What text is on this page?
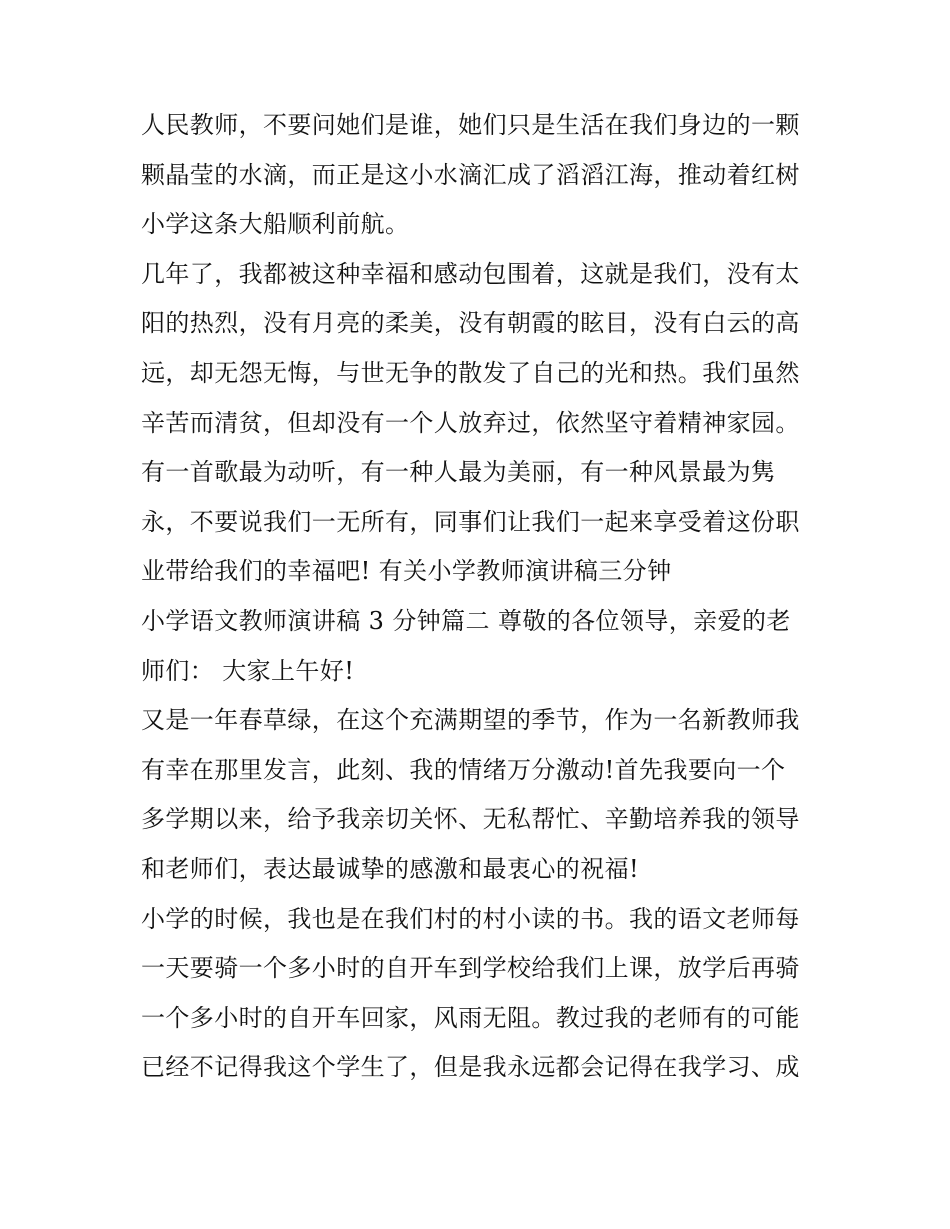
人民教师，不要问她们是谁，她们只是生活在我们身边的一颗
颗晶莹的水滴，而正是这小水滴汇成了滔滔江海，推动着红树
小学这条大船顺利前航。
几年了，我都被这种幸福和感动包围着，这就是我们，没有太
阳的热烈，没有月亮的柔美，没有朝霞的眩目，没有白云的高
远，却无怨无悔，与世无争的散发了自己的光和热。我们虽然
辛苦而清贫，但却没有一个人放弃过，依然坚守着精神家园。
有一首歌最为动听，有一种人最为美丽，有一种风景最为隽
永，不要说我们一无所有，同事们让我们一起来享受着这份职
业带给我们的幸福吧! 有关小学教师演讲稿三分钟
小学语文教师演讲稿 3 分钟篇二 尊敬的各位领导，亲爱的老
师们： 大家上午好!
又是一年春草绿，在这个充满期望的季节，作为一名新教师我
有幸在那里发言，此刻、我的情绪万分激动!首先我要向一个
多学期以来，给予我亲切关怀、无私帮忙、辛勤培养我的领导
和老师们，表达最诚挚的感激和最衷心的祝福!
小学的时候，我也是在我们村的村小读的书。我的语文老师每
一天要骑一个多小时的自开车到学校给我们上课，放学后再骑
一个多小时的自开车回家，风雨无阻。教过我的老师有的可能
已经不记得我这个学生了，但是我永远都会记得在我学习、成
